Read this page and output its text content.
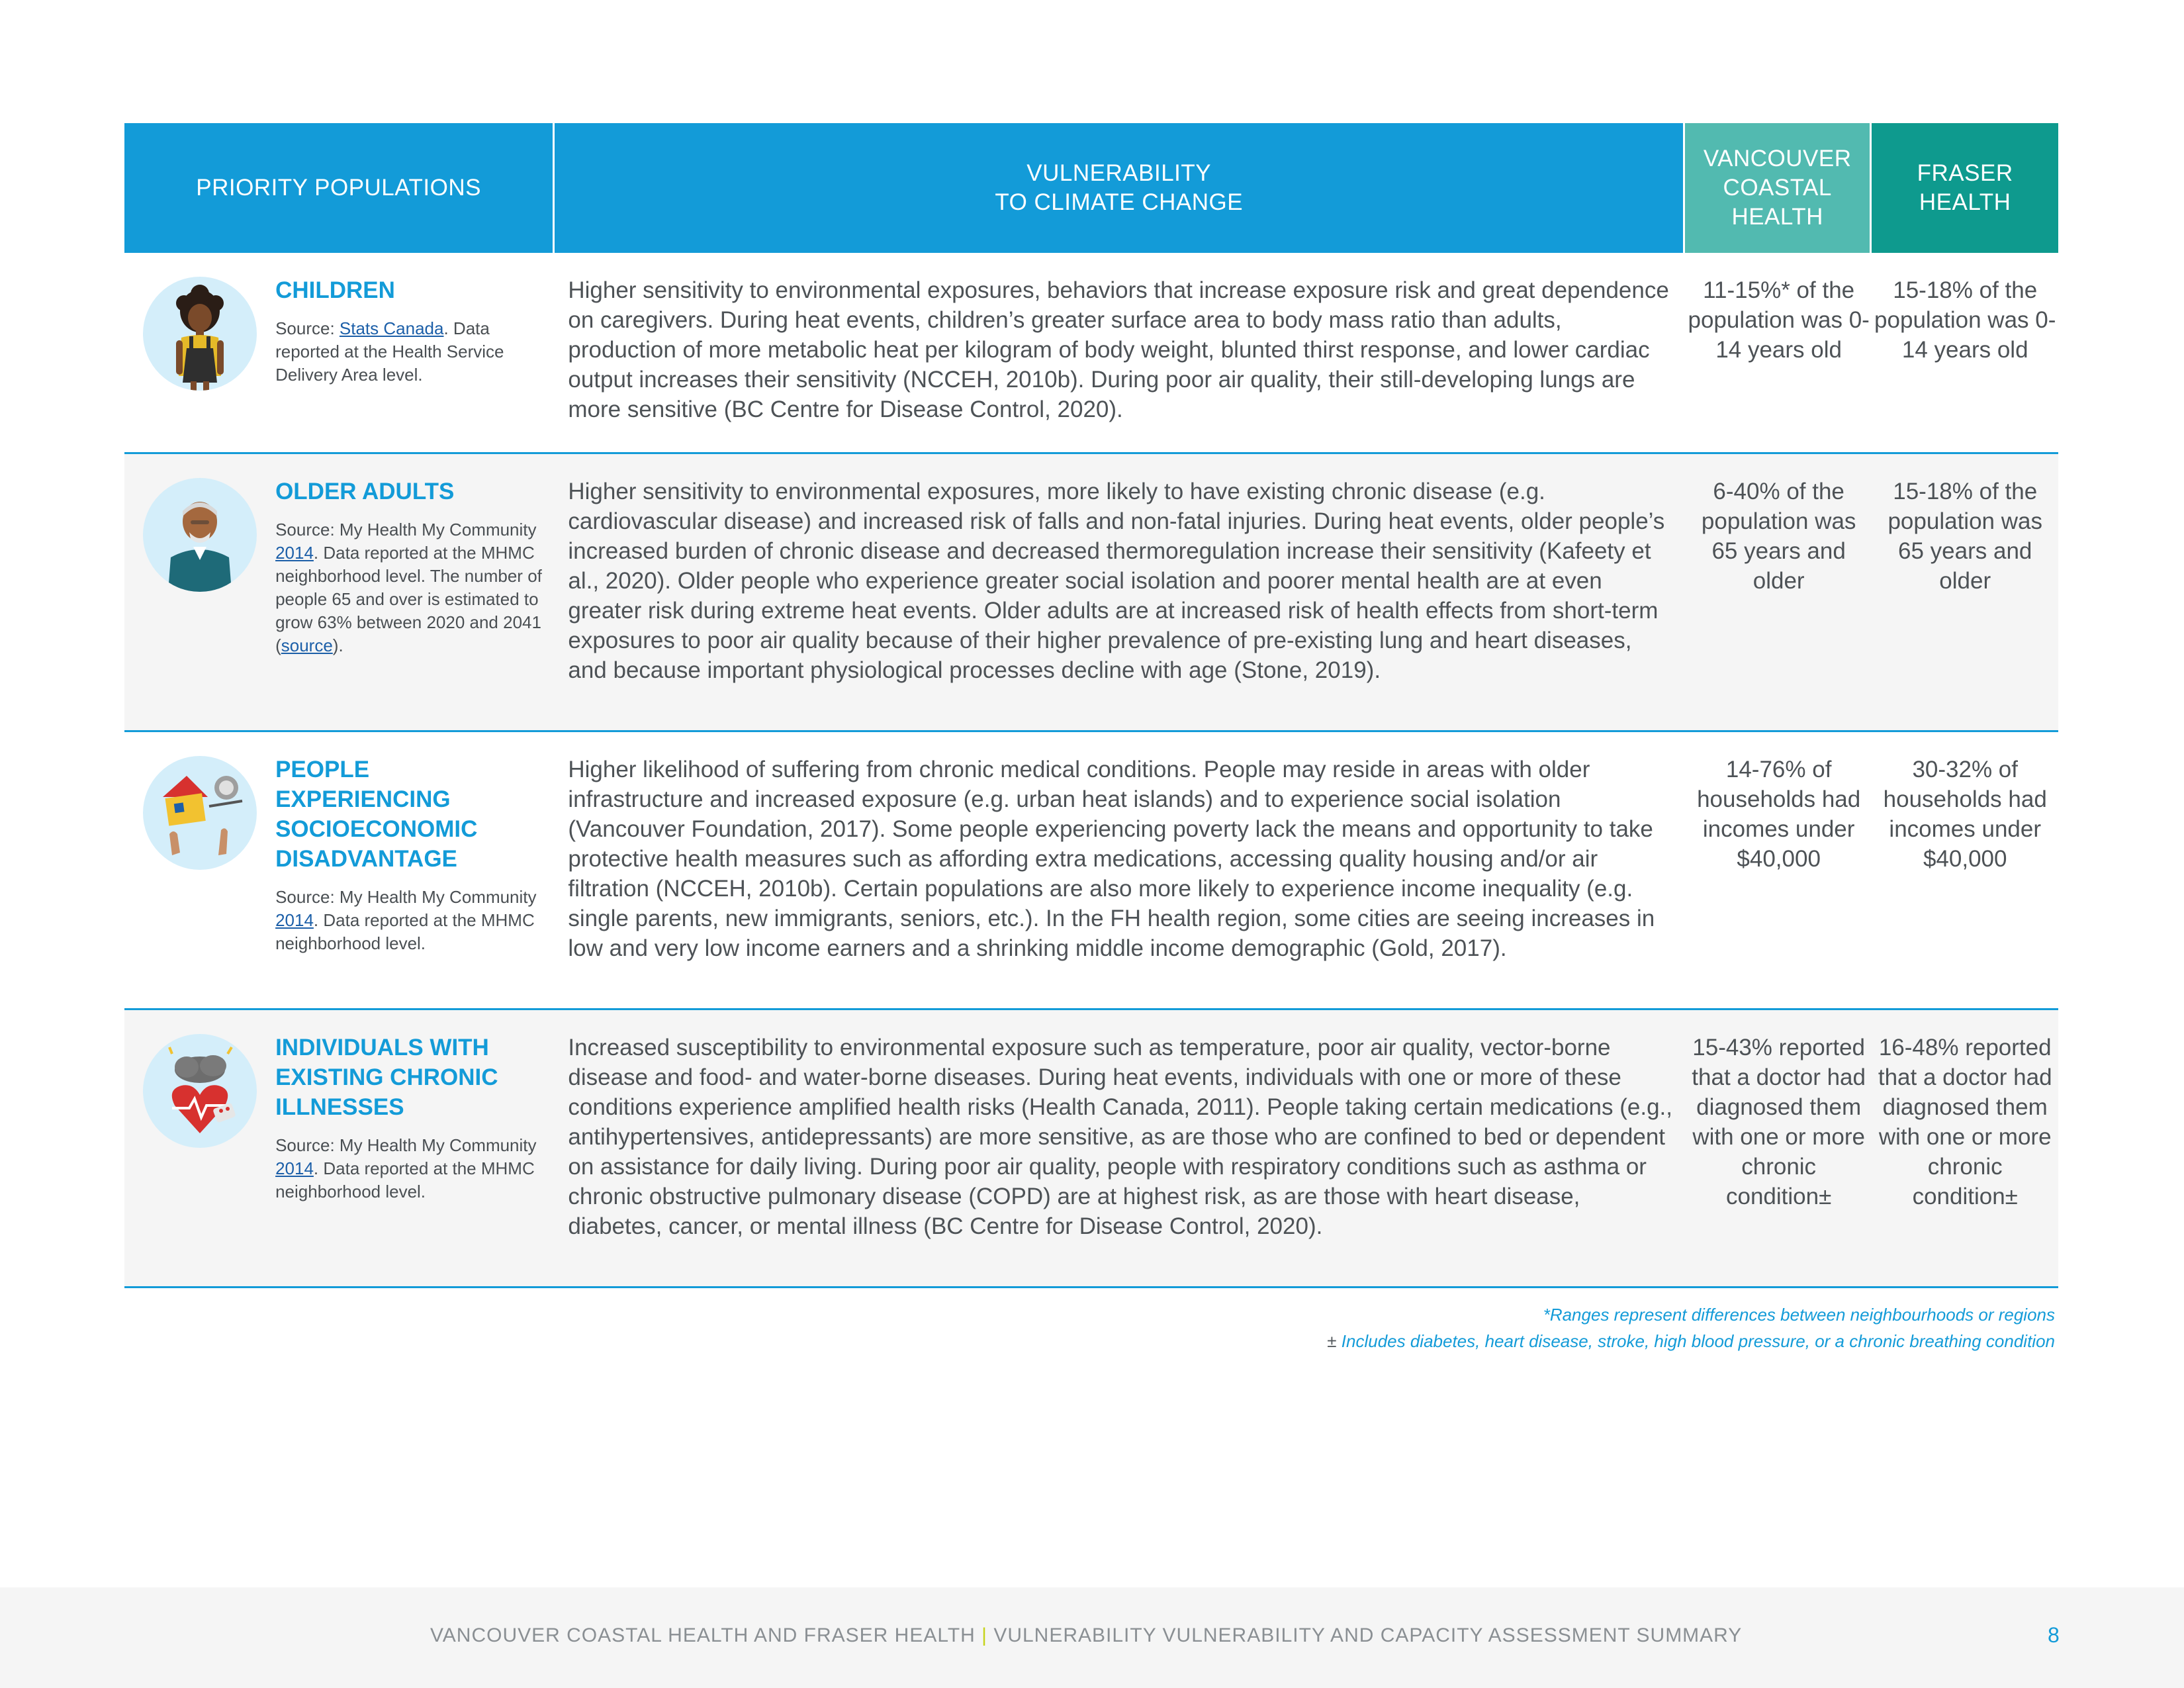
PRIORITY POPULATIONS
VULNERABILITY
TO CLIMATE CHANGE
VANCOUVER
COASTAL
HEALTH
FRASER
HEALTH
CHILDREN
Source: Stats Canada. Data reported at the Health Service Delivery Area level.
Higher sensitivity to environmental exposures, behaviors that increase exposure risk and great dependence on caregivers. During heat events, children’s greater surface area to body mass ratio than adults, production of more metabolic heat per kilogram of body weight, blunted thirst response, and lower cardiac output increases their sensitivity (NCCEH, 2010b). During poor air quality, their still-developing lungs are more sensitive (BC Centre for Disease Control, 2020).
11-15%* of the population was 0-14 years old
15-18% of the population was 0-14 years old
OLDER ADULTS
Source: My Health My Community 2014. Data reported at the MHMC neighborhood level. The number of people 65 and over is estimated to grow 63% between 2020 and 2041 (source).
Higher sensitivity to environmental exposures, more likely to have existing chronic disease (e.g. cardiovascular disease) and increased risk of falls and non-fatal injuries. During heat events, older people’s increased burden of chronic disease and decreased thermoregulation increase their sensitivity (Kafeety et al., 2020). Older people who experience greater social isolation and poorer mental health are at even greater risk during extreme heat events. Older adults are at increased risk of health effects from short-term exposures to poor air quality because of their higher prevalence of pre-existing lung and heart diseases, and because important physiological processes decline with age (Stone, 2019).
6-40% of the population was 65 years and older
15-18% of the population was 65 years and older
PEOPLE EXPERIENCING SOCIOECONOMIC DISADVANTAGE
Source: My Health My Community 2014. Data reported at the MHMC neighborhood level.
Higher likelihood of suffering from chronic medical conditions. People may reside in areas with older infrastructure and increased exposure (e.g. urban heat islands) and to experience social isolation (Vancouver Foundation, 2017). Some people experiencing poverty lack the means and opportunity to take protective health measures such as affording extra medications, accessing quality housing and/or air filtration (NCCEH, 2010b). Certain populations are also more likely to experience income inequality (e.g. single parents, new immigrants, seniors, etc.). In the FH health region, some cities are seeing increases in low and very low income earners and a shrinking middle income demographic (Gold, 2017).
14-76% of households had incomes under $40,000
30-32% of households had incomes under $40,000
INDIVIDUALS WITH EXISTING CHRONIC ILLNESSES
Source: My Health My Community 2014. Data reported at the MHMC neighborhood level.
Increased susceptibility to environmental exposure such as temperature, poor air quality, vector-borne disease and food- and water-borne diseases. During heat events, individuals with one or more of these conditions experience amplified health risks (Health Canada, 2011). People taking certain medications (e.g., antihypertensives, antidepressants) are more sensitive, as are those who are confined to bed or dependent on assistance for daily living. During poor air quality, people with respiratory conditions such as asthma or chronic obstructive pulmonary disease (COPD) are at highest risk, as are those with heart disease, diabetes, cancer, or mental illness (BC Centre for Disease Control, 2020).
15-43% reported that a doctor had diagnosed them with one or more chronic condition±
16-48% reported that a doctor had diagnosed them with one or more chronic condition±
*Ranges represent differences between neighbourhoods or regions
± Includes diabetes, heart disease, stroke, high blood pressure, or a chronic breathing condition
VANCOUVER COASTAL HEALTH AND FRASER HEALTH | VULNERABILITY VULNERABILITY AND CAPACITY ASSESSMENT SUMMARY	8
